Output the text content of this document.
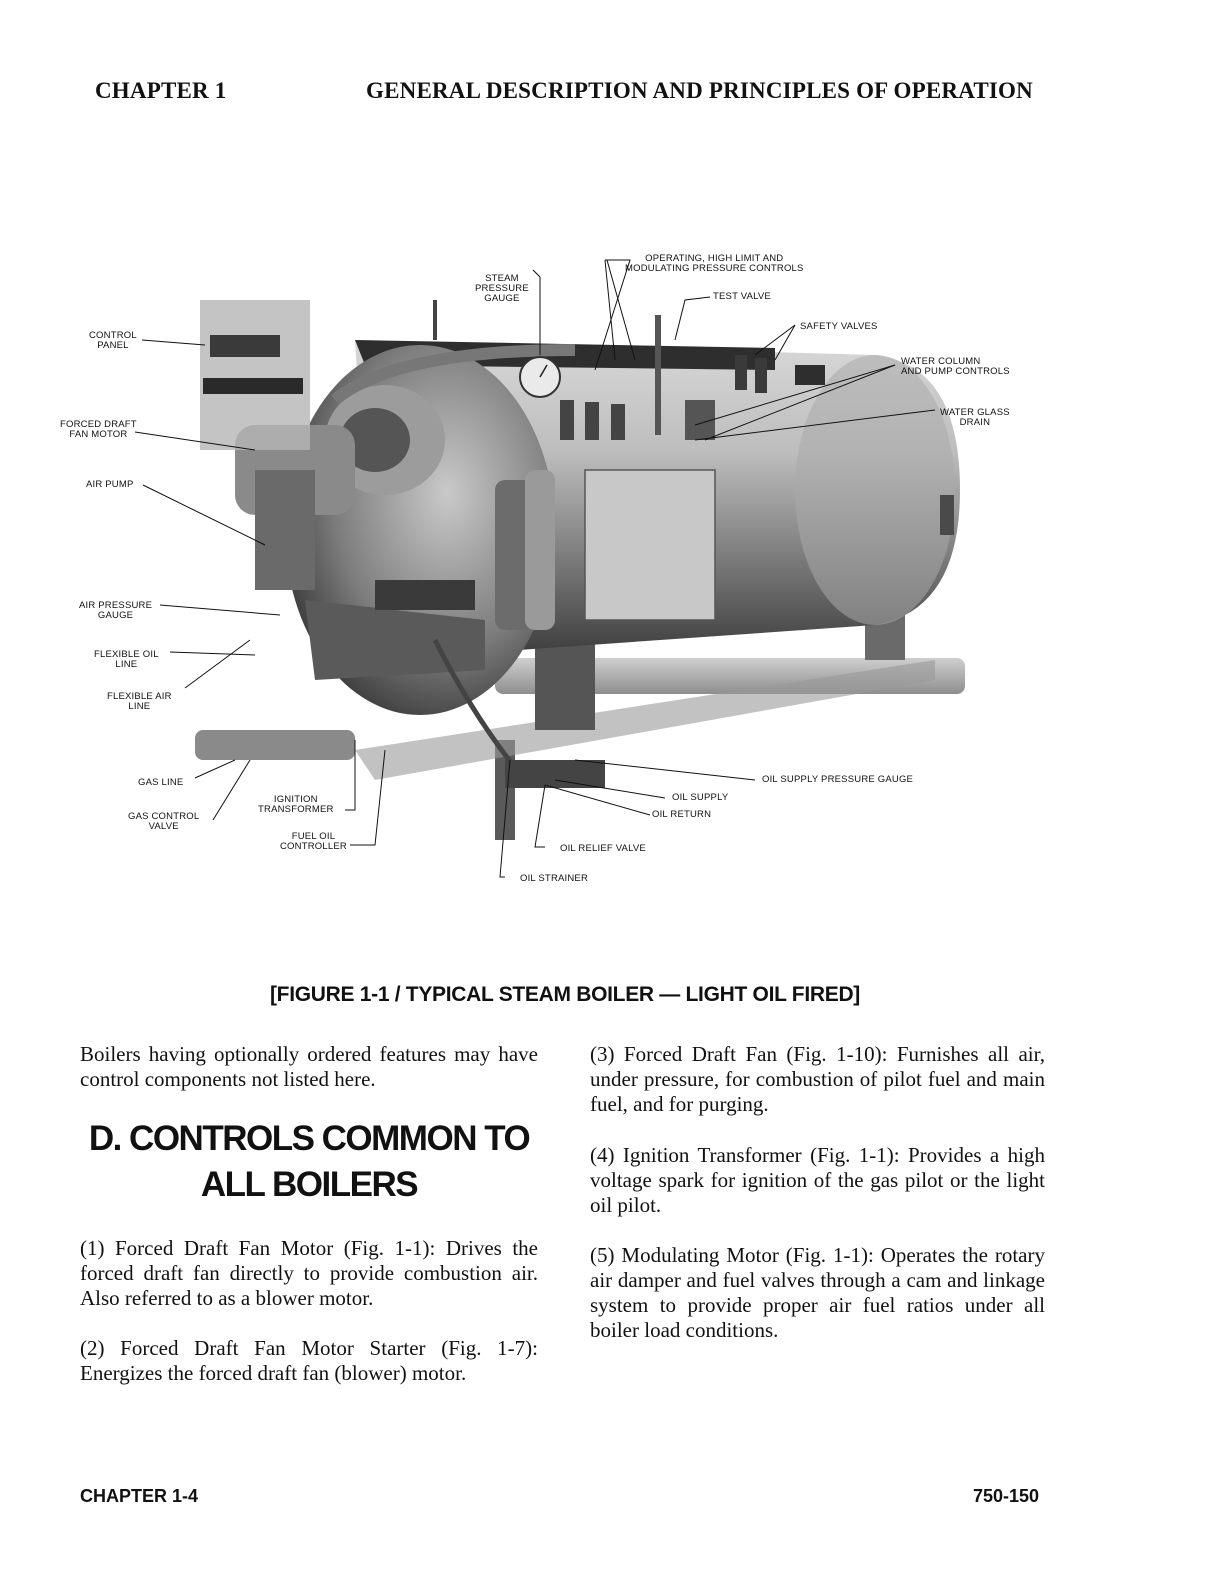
CHAPTER 1	GENERAL DESCRIPTION AND PRINCIPLES OF OPERATION
STEAM
PRESSURE
GAUGE
OPERATING, HIGH LIMIT AND
MODULATING PRESSURE CONTROLS
TEST VALVE
SAFETY VALVES
WATER COLUMN
AND PUMP CONTROLS
WATER GLASS
DRAIN
CONTROL
PANEL
FORCED DRAFT
FAN MOTOR
AIR PUMP
AIR PRESSURE
GAUGE
FLEXIBLE OIL
LINE
FLEXIBLE AIR
LINE
GAS LINE
GAS CONTROL
VALVE
IGNITION
TRANSFORMER
FUEL OIL
CONTROLLER
OIL SUPPLY PRESSURE GAUGE
OIL SUPPLY
OIL RETURN
OIL RELIEF VALVE
OIL STRAINER
[FIGURE 1-1 / TYPICAL STEAM BOILER — LIGHT OIL FIRED]

Boilers having optionally ordered features may have control components not listed here.

D. CONTROLS COMMON TO ALL BOILERS

(1) Forced Draft Fan Motor (Fig. 1-1): Drives the forced draft fan directly to provide combustion air. Also referred to as a blower motor.

(2) Forced Draft Fan Motor Starter (Fig. 1-7): Energizes the forced draft fan (blower) motor.

(3) Forced Draft Fan (Fig. 1-10): Furnishes all air, under pressure, for combustion of pilot fuel and main fuel, and for purging.

(4) Ignition Transformer (Fig. 1-1): Provides a high voltage spark for ignition of the gas pilot or the light oil pilot.

(5) Modulating Motor (Fig. 1-1): Operates the rotary air damper and fuel valves through a cam and linkage system to provide proper air fuel ratios under all boiler load conditions.

CHAPTER 1-4	750-150
